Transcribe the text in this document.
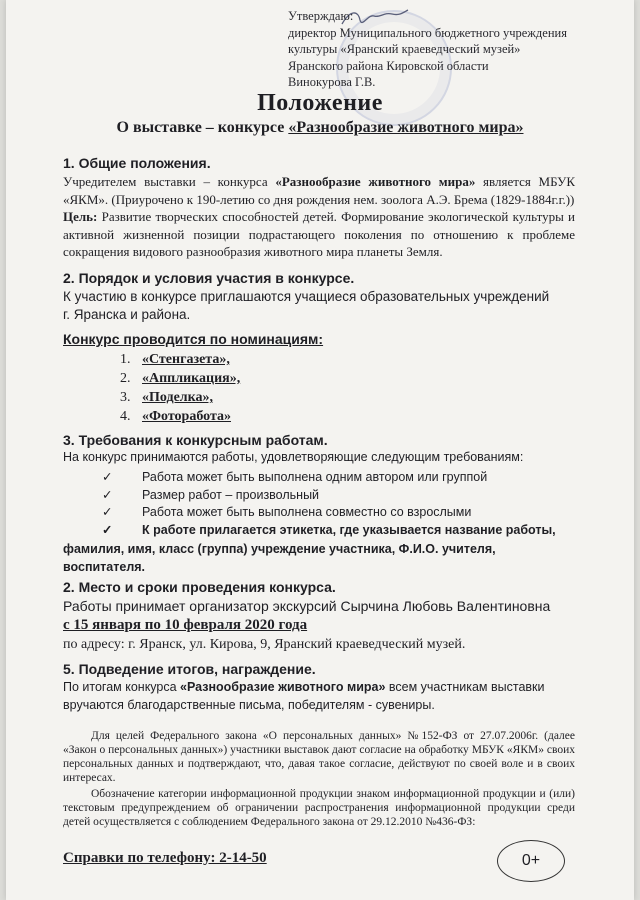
Утверждаю:
директор Муниципального бюджетного учреждения
культуры «Яранский краеведческий музей»
Яранского района Кировской области
Винокурова Г.В.
Положение
О выставке – конкурсе «Разнообразие животного мира»
1. Общие положения.
Учредителем выставки – конкурса «Разнообразие животного мира» является МБУК «ЯКМ». (Приурочено к 190-летию со дня рождения нем. зоолога А.Э. Брема (1829-1884г.г.))
Цель: Развитие творческих способностей детей. Формирование экологической культуры и активной жизненной позиции подрастающего поколения по отношению к проблеме сокращения видового разнообразия животного мира планеты Земля.
2. Порядок и условия участия в конкурсе.
К участию в конкурсе приглашаются учащиеся образовательных учреждений
г. Яранска и района.
Конкурс проводится по номинациям:
1. «Стенгазета»,
2. «Аппликация»,
3. «Поделка»,
4. «Фоторабота»
3. Требования к конкурсным работам.
На конкурс принимаются работы, удовлетворяющие следующим требованиям:
✓ Работа может быть выполнена одним автором или группой
✓ Размер работ – произвольный
✓ Работа может быть выполнена совместно со взрослыми
✓ К работе прилагается этикетка, где указывается название работы,
фамилия, имя, класс (группа) учреждение участника, Ф.И.О. учителя,
воспитателя.
2. Место и сроки проведения конкурса.
Работы принимает организатор экскурсий Сырчина Любовь Валентиновна
с 15 января по 10 февраля 2020 года
по адресу: г. Яранск, ул. Кирова, 9, Яранский краеведческий музей.
5. Подведение итогов, награждение.
По итогам конкурса «Разнообразие животного мира» всем участникам выставки вручаются благодарственные письма, победителям - сувениры.
Для целей Федерального закона «О персональных данных» №152-ФЗ от 27.07.2006г. (далее «Закон о персональных данных») участники выставок дают согласие на обработку МБУК «ЯКМ» своих персональных данных и подтверждают, что, давая такое согласие, действуют по своей воле и в своих интересах.
Обозначение категории информационной продукции знаком информационной продукции и (или) текстовым предупреждением об ограничении распространения информационной продукции среди детей осуществляется с соблюдением Федерального закона от 29.12.2010 №436-ФЗ:
Справки по телефону: 2-14-50	0+
